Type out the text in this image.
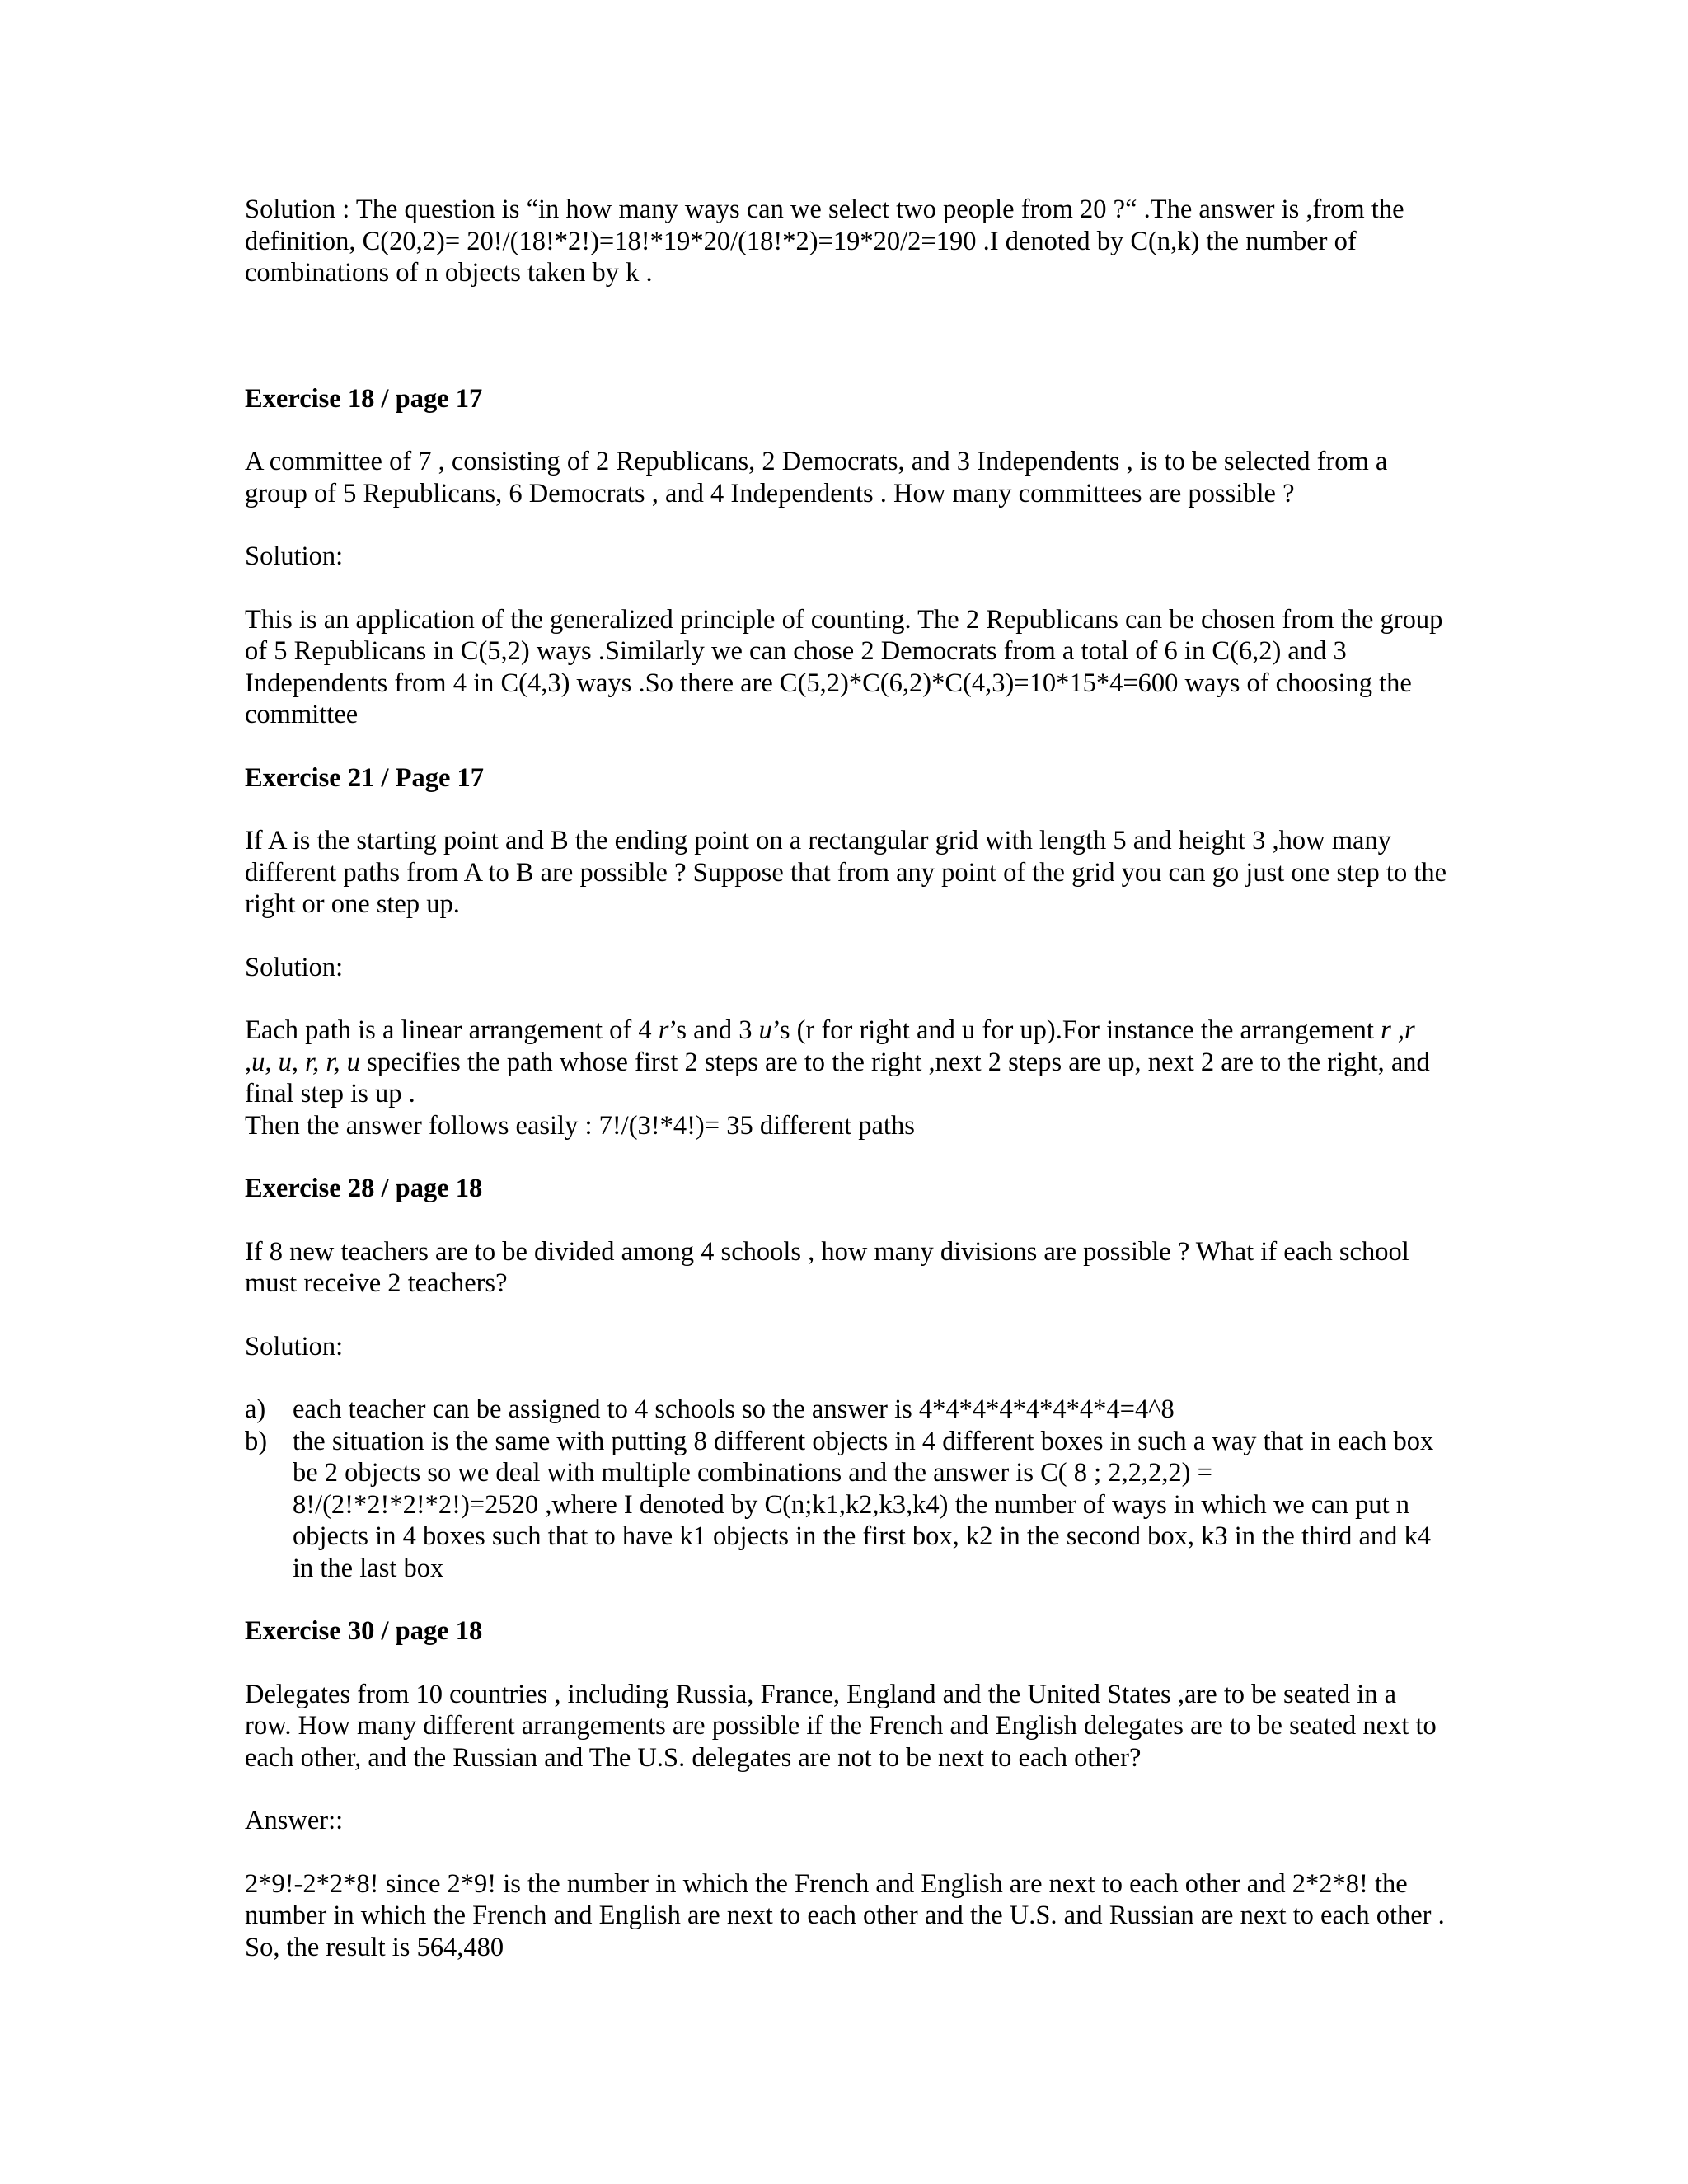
Solution : The question is “in how many ways can we select two people from 20 ?“ .The answer is ,from the definition, C(20,2)= 20!/(18!*2!)=18!*19*20/(18!*2)=19*20/2=190 .I denoted by C(n,k) the number of combinations of n objects taken by k .

Exercise 18 / page 17

A committee of 7 , consisting of 2 Republicans, 2 Democrats, and 3 Independents , is to be selected from a group of 5 Republicans, 6 Democrats , and 4 Independents . How many committees are possible ?

Solution:

This is an application of the generalized principle of counting. The 2 Republicans can be chosen from the group of 5 Republicans in C(5,2) ways .Similarly we can chose 2 Democrats from a total of 6 in C(6,2) and 3 Independents from 4 in C(4,3) ways .So there are C(5,2)*C(6,2)*C(4,3)=10*15*4=600 ways of choosing the committee

Exercise 21 / Page 17

If A is the starting point and B the ending point on a rectangular grid with length 5 and height 3 ,how many different paths from A to B are possible ? Suppose that from any point of the grid you can go just one step to the right or one step up.

Solution:

Each path is a linear arrangement of 4 r’s and 3 u’s (r for right and u for up).For instance the arrangement r ,r ,u, u, r, r, u specifies the path whose first 2 steps are to the right ,next 2 steps are up, next 2 are to the right, and final step is up .

Then the answer follows easily : 7!/(3!*4!)= 35 different paths

Exercise 28 / page 18

If 8 new teachers are to be divided among 4 schools , how many divisions are possible ? What if each school must receive 2 teachers?

Solution:

a) each teacher can be assigned to 4 schools so the answer is 4*4*4*4*4*4*4*4=4^8
b) the situation is the same with putting 8 different objects in 4 different boxes in such a way that in each box be 2 objects so we deal with multiple combinations and the answer is C( 8 ; 2,2,2,2) = 8!/(2!*2!*2!*2!)=2520 ,where I denoted by C(n;k1,k2,k3,k4) the number of ways in which we can put n objects in 4 boxes such that to have k1 objects in the first box, k2 in the second box, k3 in the third and k4 in the last box

Exercise 30 / page 18

Delegates from 10 countries , including Russia, France, England and the United States ,are to be seated in a row. How many different arrangements are possible if the French and English delegates are to be seated next to each other, and the Russian and The U.S. delegates are not to be next to each other?

Answer::

2*9!-2*2*8! since 2*9! is the number in which the French and English are next to each other and 2*2*8! the number in which the French and English are next to each other and the U.S. and Russian are next to each other . So, the result is 564,480
